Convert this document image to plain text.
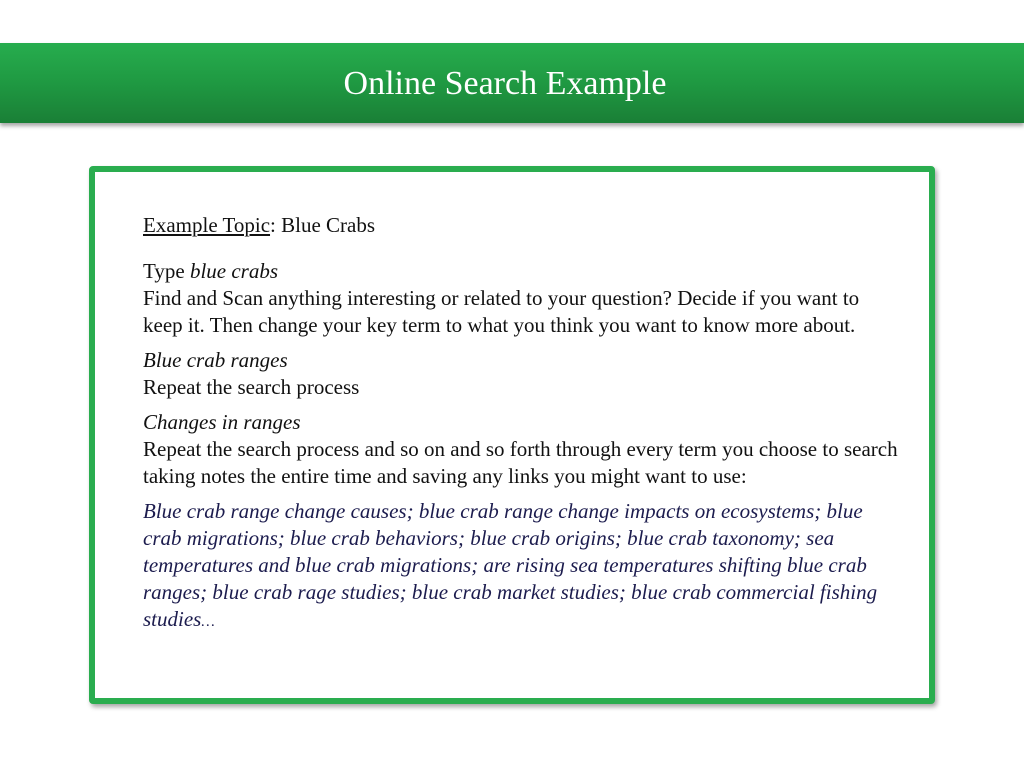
Online Search Example

Example Topic: Blue Crabs

Type blue crabs

Find and Scan anything interesting or related to your question? Decide if you want to keep it. Then change your key term to what you think you want to know more about.

Blue crab ranges

Repeat the search process

Changes in ranges

Repeat the search process and so on and so forth through every term you choose to search taking notes the entire time and saving any links you might want to use:

Blue crab range change causes; blue crab range change impacts on ecosystems; blue crab migrations; blue crab behaviors; blue crab origins; blue crab taxonomy; sea temperatures and blue crab migrations; are rising sea temperatures shifting blue crab ranges; blue crab rage studies; blue crab market studies; blue crab commercial fishing studies…
